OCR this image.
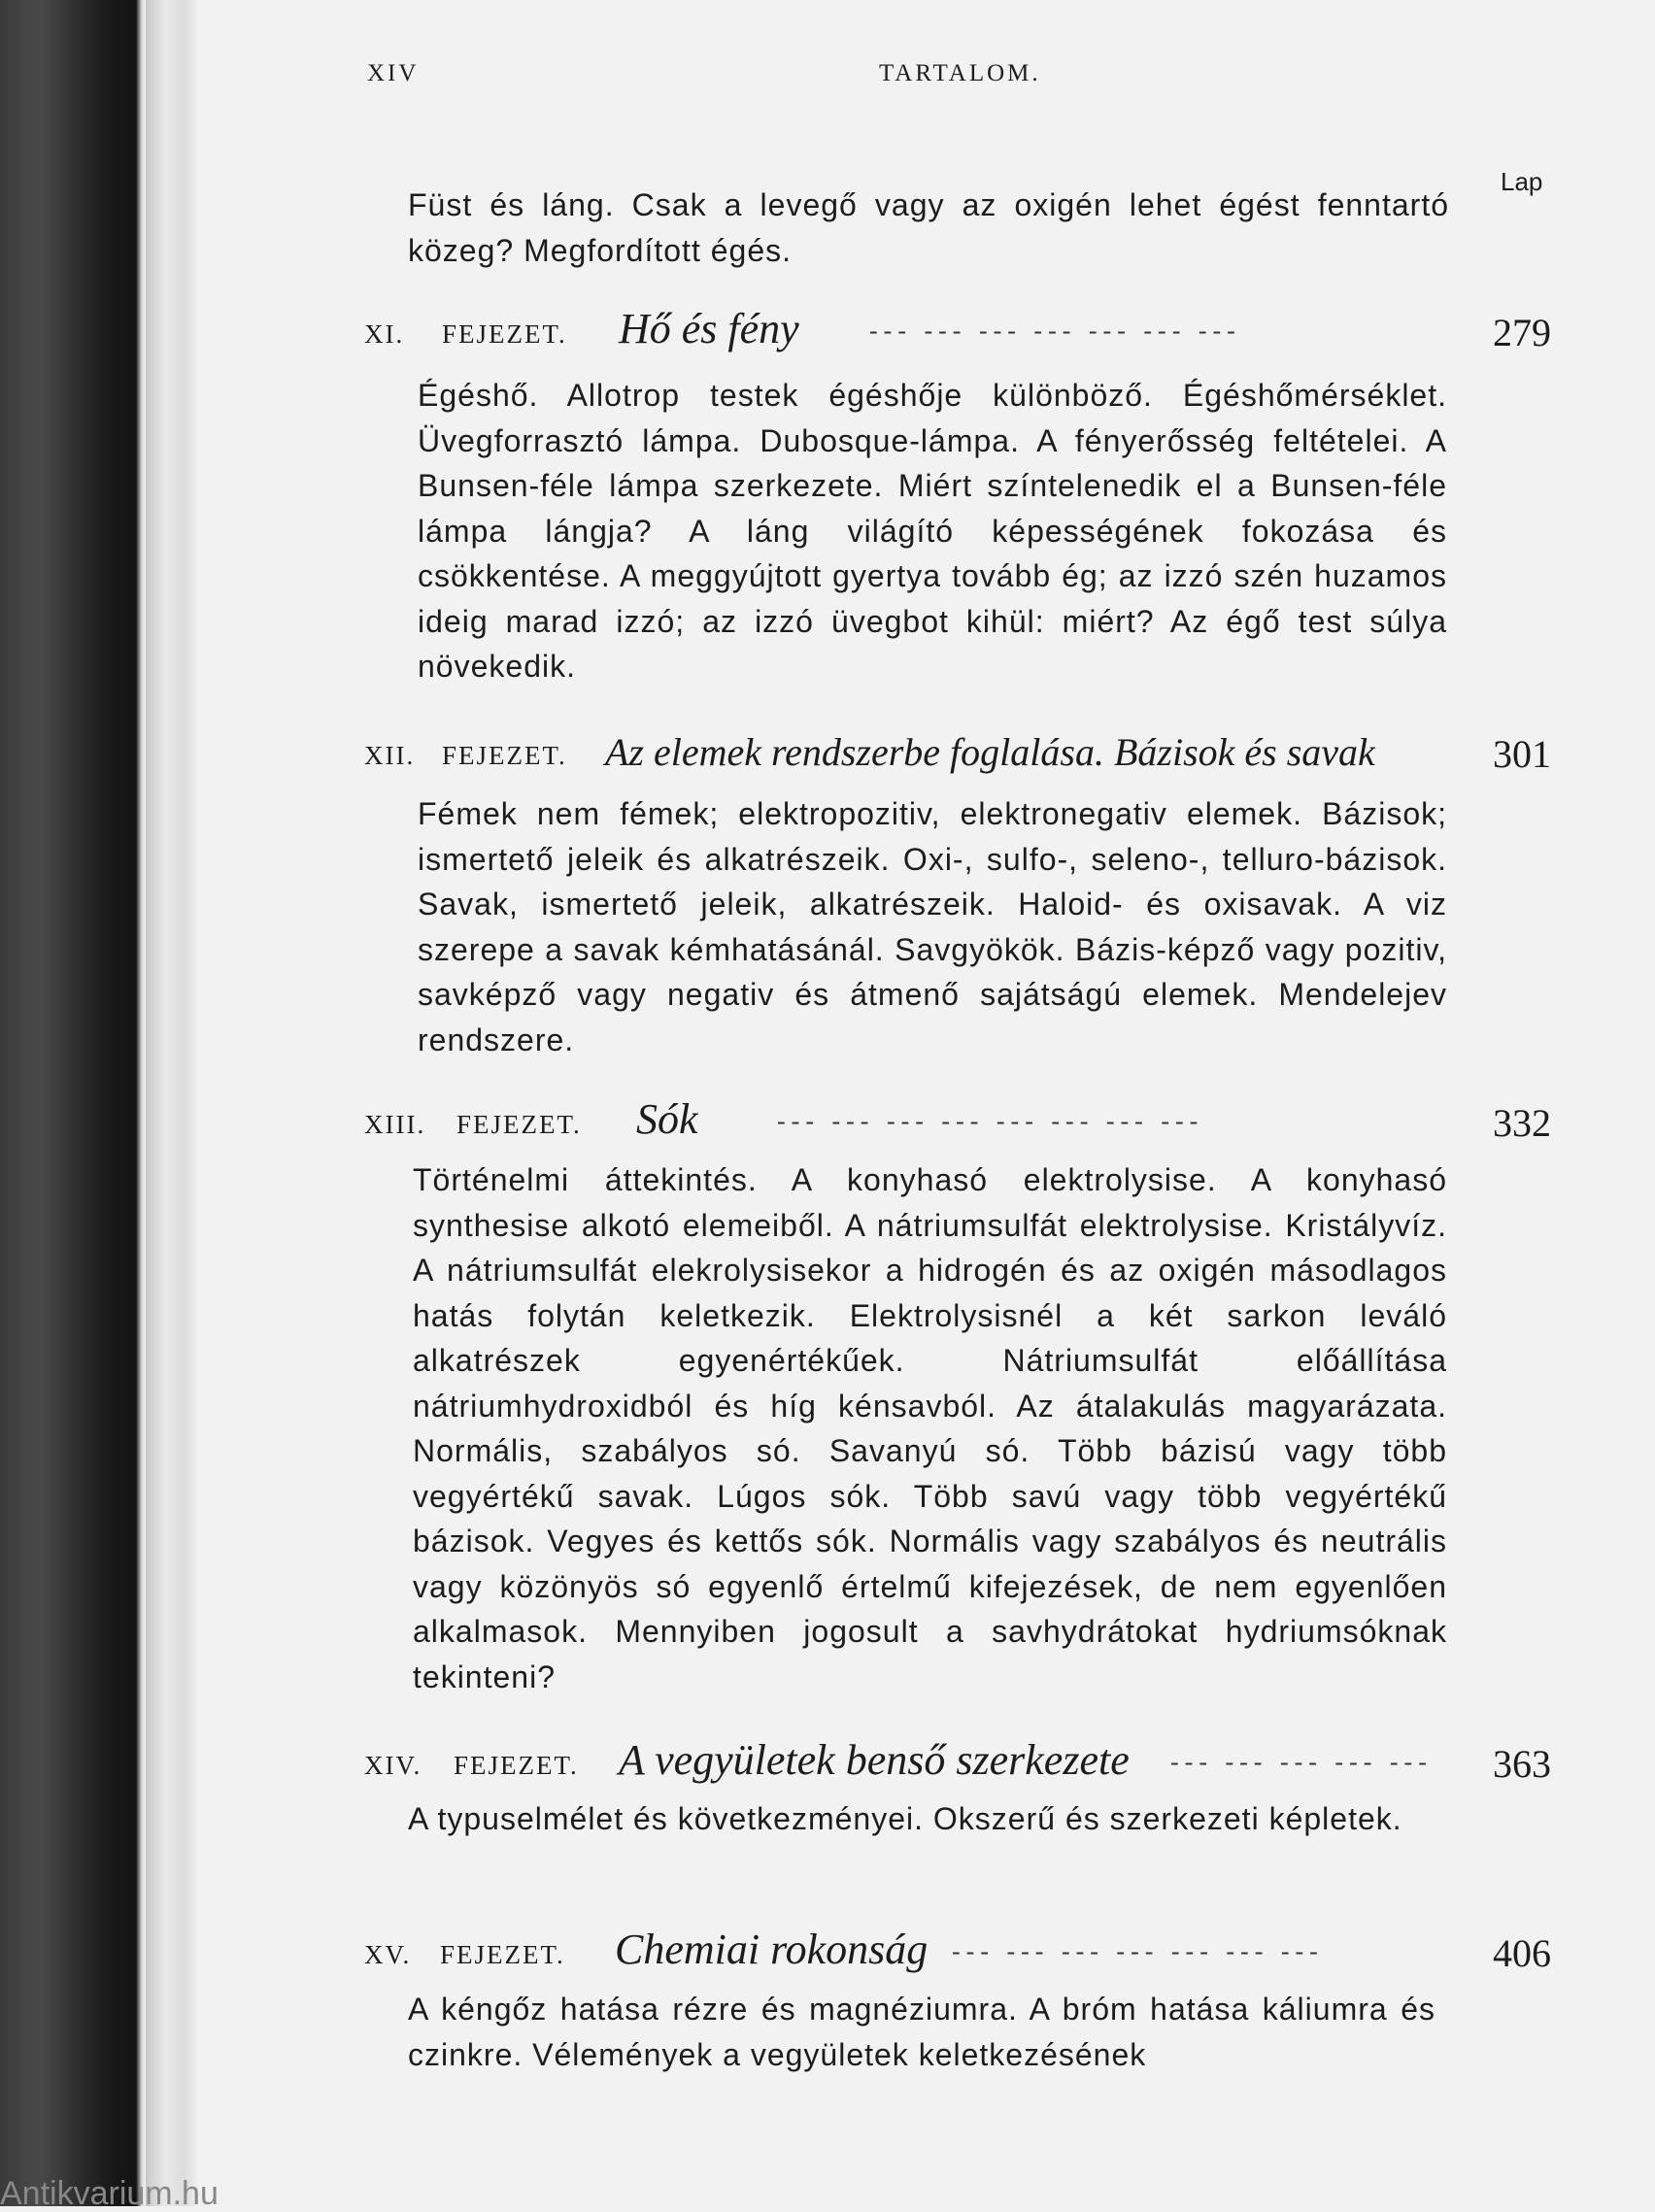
XIV	TARTALOM.
Lap
Füst és láng. Csak a levegő vagy az oxigén lehet égést fenntartó közeg? Megfordított égés.
XI. FEJEZET. Hő és fény	--- --- --- --- --- --- ---	279
Égéshő. Allotrop testek égéshője különböző. Égéshőmérséklet. Üvegforrasztó lámpa. Dubosque-lámpa. A fényerősség feltételei. A Bunsen-féle lámpa szerkezete. Miért színtelenedik el a Bunsen-féle lámpa lángja? A láng világító képességének fokozása és csökkentése. A meggyújtott gyertya tovább ég; az izzó szén huzamos ideig marad izzó; az izzó üvegbot kihül: miért? Az égő test súlya növekedik.
XII. FEJEZET. Az elemek rendszerbe foglalása. Bázisok és savak	301
Fémek nem fémek; elektropozitiv, elektronegativ elemek. Bázisok; ismertető jeleik és alkatrészeik. Oxi-, sulfo-, seleno-, telluro-bázisok. Savak, ismertető jeleik, alkatrészeik. Haloid- és oxisavak. A viz szerepe a savak kémhatásánál. Savgyökök. Bázis-képző vagy pozitiv, savképző vagy negativ és átmenő sajátságú elemek. Mendelejev rendszere.
XIII. FEJEZET. Sók	--- --- --- --- --- --- --- ---	332
Történelmi áttekintés. A konyhasó elektrolysise. A konyhasó synthesise alkotó elemeiből. A nátriumsulfát elektrolysise. Kristályvíz. A nátriumsulfát elekrolysisekor a hidrogén és az oxigén másodlagos hatás folytán keletkezik. Elektrolysisnél a két sarkon leváló alkatrészek egyenértékűek. Nátriumsulfát előállítása nátriumhydroxidból és híg kénsavból. Az átalakulás magyarázata. Normális, szabályos só. Savanyú só. Több bázisú vagy több vegyértékű savak. Lúgos sók. Több savú vagy több vegyértékű bázisok. Vegyes és kettős sók. Normális vagy szabályos és neutrális vagy közönyös só egyenlő értelmű kifejezések, de nem egyenlően alkalmasok. Mennyiben jogosult a savhydrátokat hydriumsóknak tekinteni?
XIV. FEJEZET. A vegyületek benső szerkezete --- --- --- --- --- 363
A typuselmélet és következményei. Okszerű és szerkezeti képletek.
XV. FEJEZET. Chemiai rokonság --- --- --- --- --- --- ---	406
A kéngőz hatása rézre és magnéziumra. A bróm hatása káliumra és czinkre. Vélemények a vegyületek keletkezésének
Antikvarium.hu
